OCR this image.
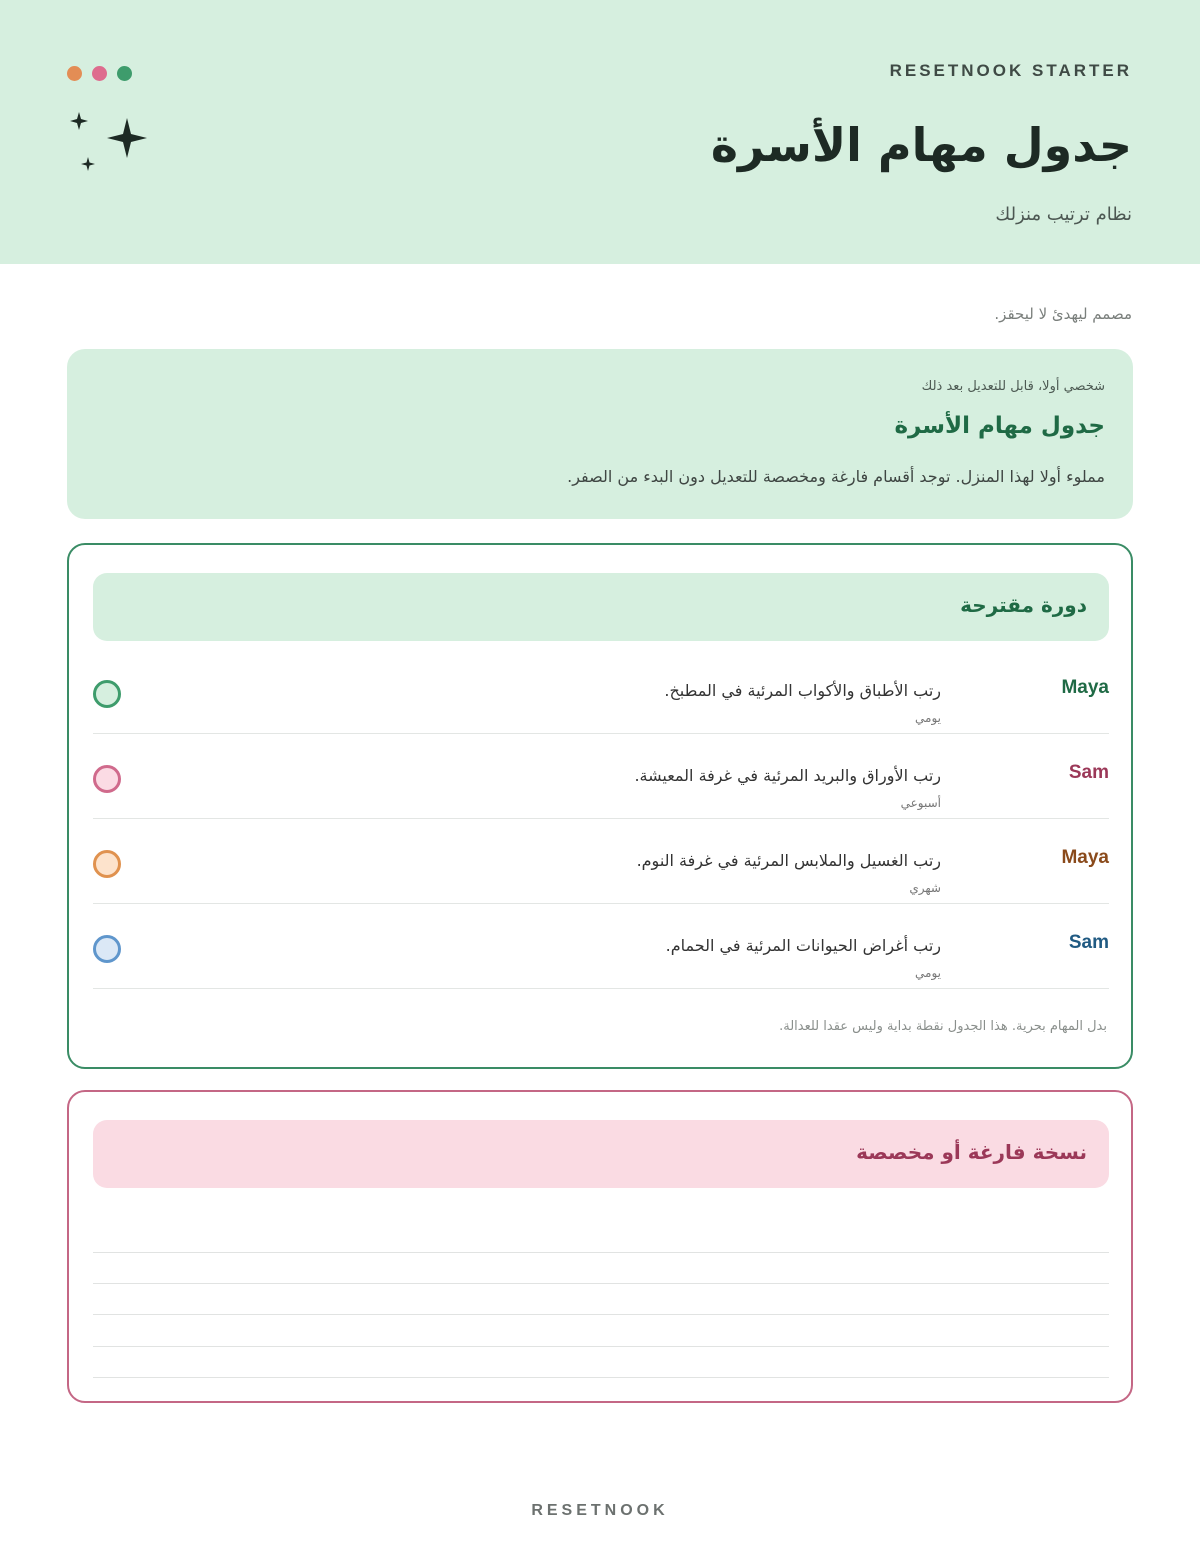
RESETNOOK STARTER
جدول مهام الأسرة
نظام ترتيب منزلك
مصمم ليهدئ لا ليحقز.
شخصي أولا، قابل للتعديل بعد ذلك
جدول مهام الأسرة
مملوء أولا لهذا المنزل. توجد أقسام فارغة ومخصصة للتعديل دون البدء من الصفر.
دورة مقترحة
Maya
رتب الأطباق والأكواب المرئية في المطبخ.
يومي
Sam
رتب الأوراق والبريد المرئية في غرفة المعيشة.
أسبوعي
Maya
رتب الغسيل والملابس المرئية في غرفة النوم.
شهري
Sam
رتب أغراض الحيوانات المرئية في الحمام.
يومي
بدل المهام بحرية. هذا الجدول نقطة بداية وليس عقدا للعدالة.
نسخة فارغة أو مخصصة
RESETNOOK
